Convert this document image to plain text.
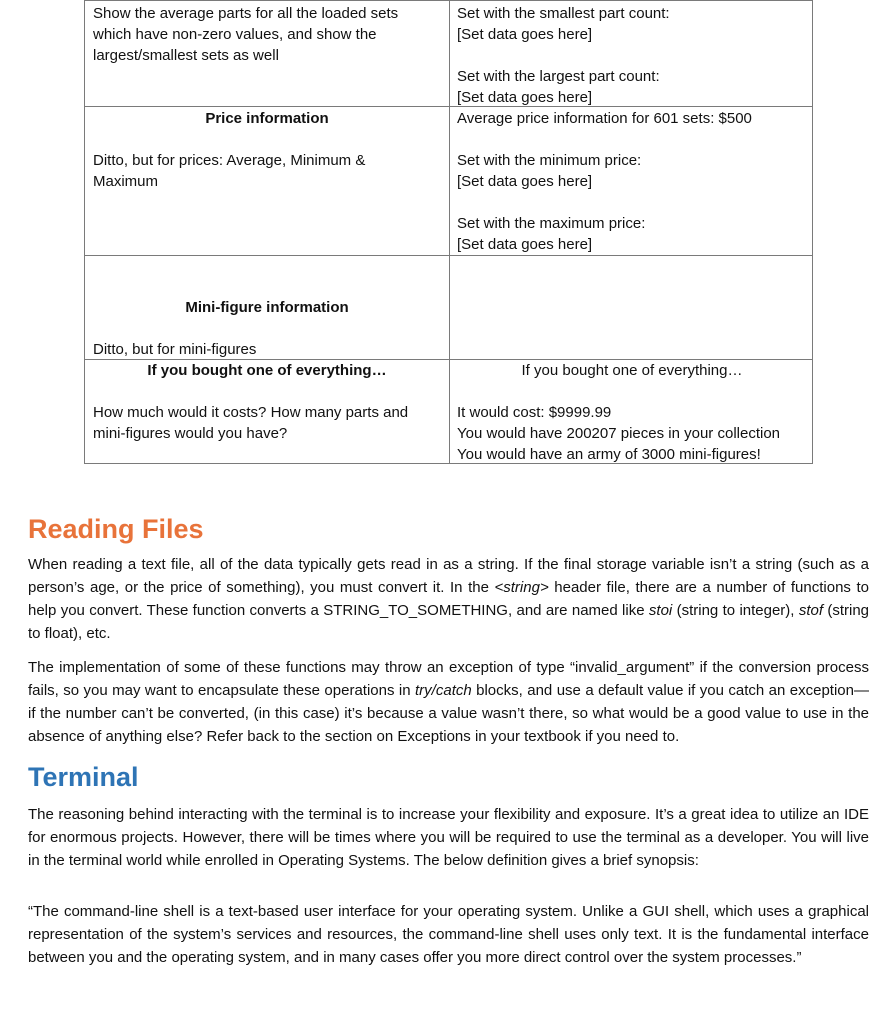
Show the average parts for all the loaded sets
which have non-zero values, and show the
largest/smallest sets as well
Set with the smallest part count:
[Set data goes here]
Set with the largest part count:
[Set data goes here]
Price information
Ditto, but for prices: Average, Minimum &
Maximum
Average price information for 601 sets: $500
Set with the minimum price:
[Set data goes here]
Set with the maximum price:
[Set data goes here]
Mini-figure information
Ditto, but for mini-figures
If you bought one of everything…	If you bought one of everything…
How much would it costs? How many parts and
mini-figures would you have?
It would cost: $9999.99
You would have 200207 pieces in your collection
You would have an army of 3000 mini-figures!
Reading Files
When reading a text file, all of the data typically gets read in as a string. If the final storage variable isn’t a string (such as a person’s age, or the price of something), you must convert it. In the <string> header file, there are a number of functions to help you convert. These function converts a STRING_TO_SOMETHING, and are named like stoi (string to integer), stof (string to float), etc.
The implementation of some of these functions may throw an exception of type “invalid_argument” if the conversion process fails, so you may want to encapsulate these operations in try/catch blocks, and use a default value if you catch an exception—if the number can’t be converted, (in this case) it’s because a value wasn’t there, so what would be a good value to use in the absence of anything else? Refer back to the section on Exceptions in your textbook if you need to.
Terminal
The reasoning behind interacting with the terminal is to increase your flexibility and exposure. It’s a great idea to utilize an IDE for enormous projects. However, there will be times where you will be required to use the terminal as a developer. You will live in the terminal world while enrolled in Operating Systems. The below definition gives a brief synopsis:
“The command-line shell is a text-based user interface for your operating system. Unlike a GUI shell, which uses a graphical representation of the system’s services and resources, the command-line shell uses only text. It is the fundamental interface between you and the operating system, and in many cases offer you more direct control over the system processes.”
